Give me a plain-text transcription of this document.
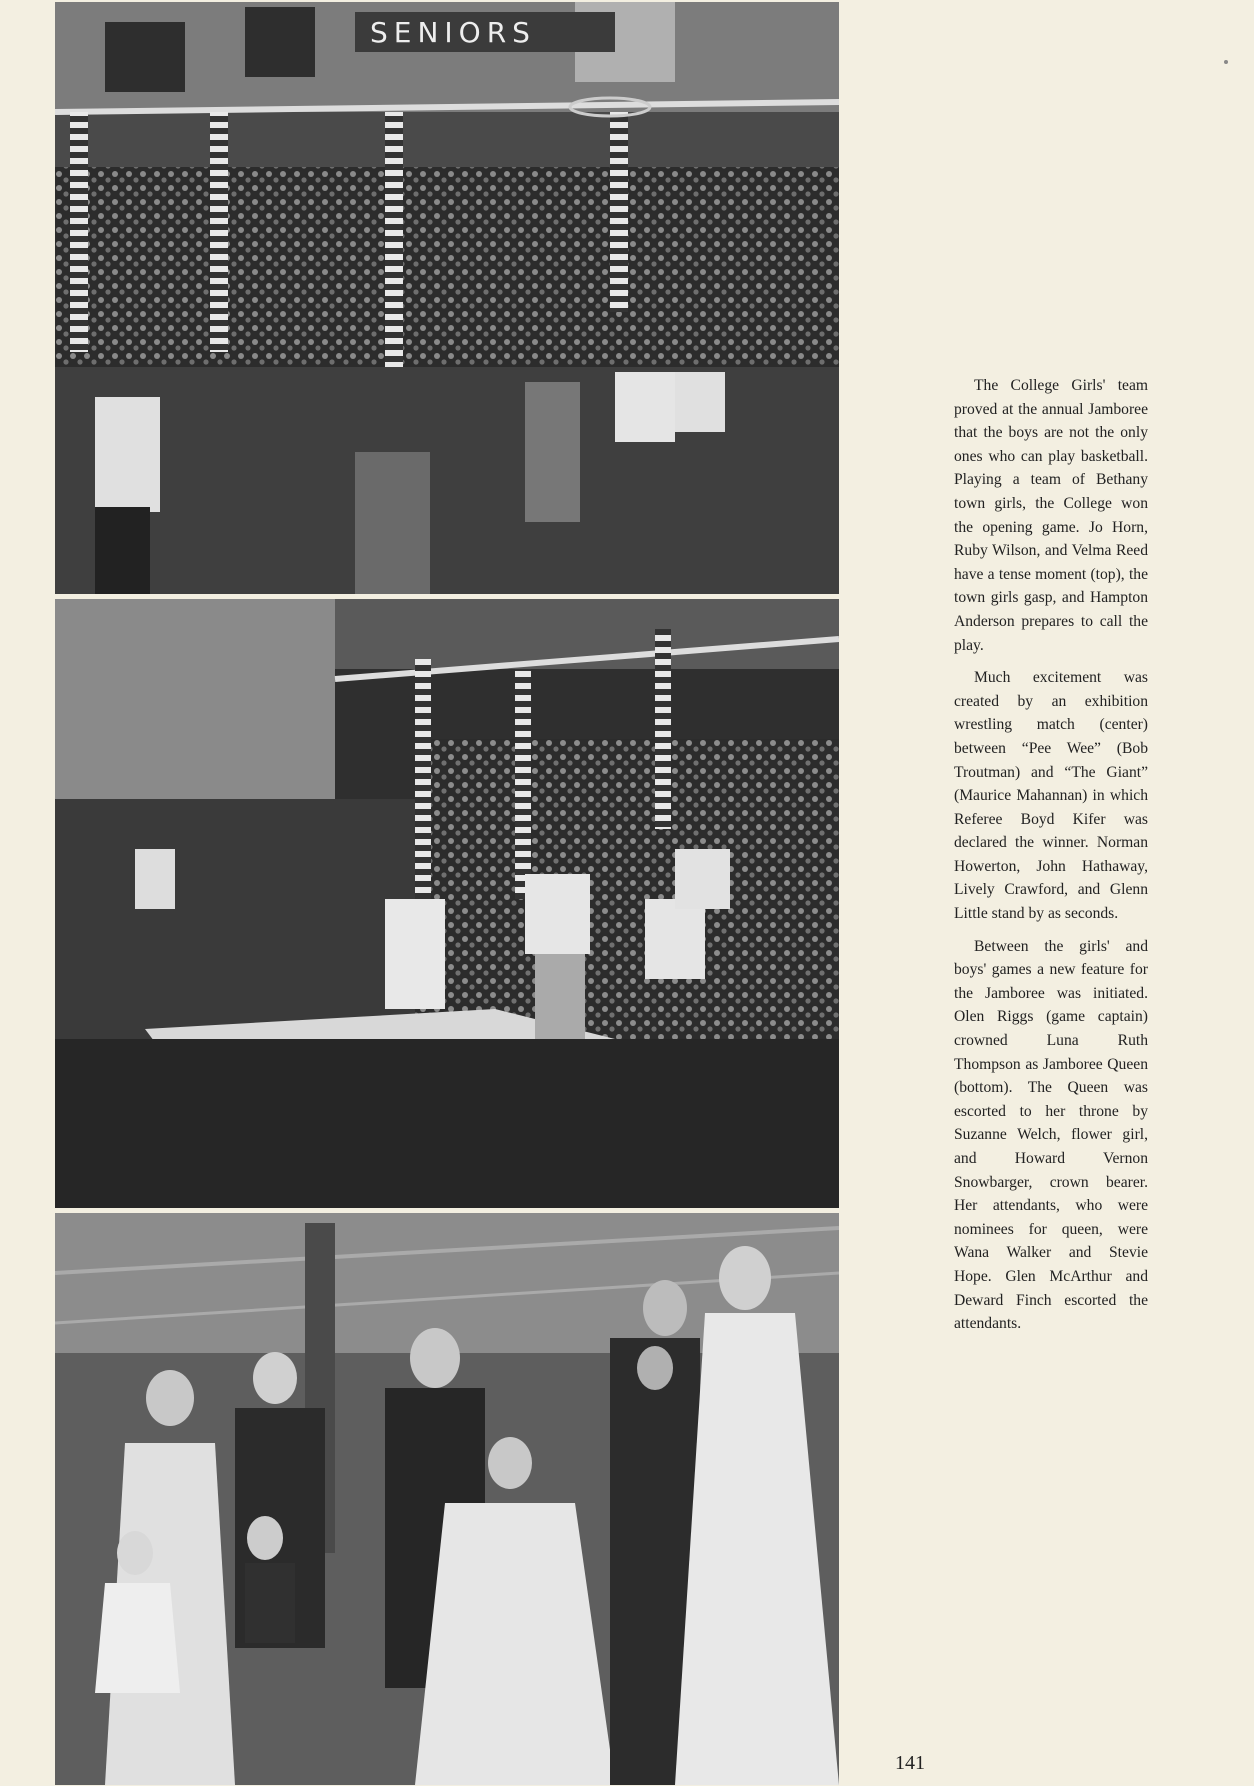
SENIORS

The College Girls' team proved at the annual Jamboree that the boys are not the only ones who can play basketball. Playing a team of Bethany town girls, the College won the opening game. Jo Horn, Ruby Wilson, and Velma Reed have a tense moment (top), the town girls gasp, and Hampton Anderson prepares to call the play.

Much excitement was created by an exhibition wrestling match (center) between “Pee Wee” (Bob Troutman) and “The Giant” (Maurice Mahannan) in which Referee Boyd Kifer was declared the winner. Norman Howerton, John Hathaway, Lively Crawford, and Glenn Little stand by as seconds.

Between the girls' and boys' games a new feature for the Jamboree was initiated. Olen Riggs (game captain) crowned Luna Ruth Thompson as Jamboree Queen (bottom). The Queen was escorted to her throne by Suzanne Welch, flower girl, and Howard Vernon Snowbarger, crown bearer. Her attendants, who were nominees for queen, were Wana Walker and Stevie Hope. Glen McArthur and Deward Finch escorted the attendants.

141
